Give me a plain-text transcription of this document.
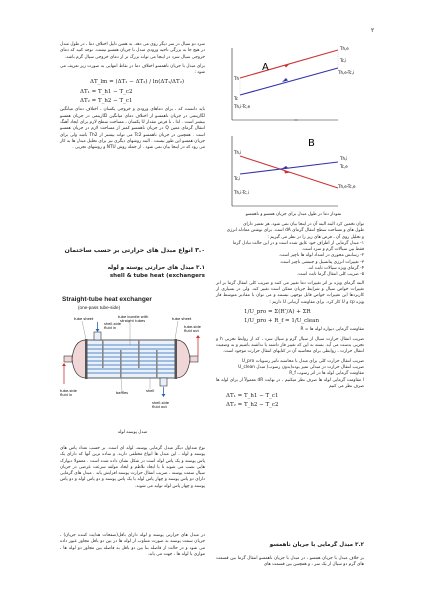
۲
A
Th,e
Tc,i
Th,e-Tc,i
Th
Tc
Th,i-Tc,e
B
Th,i
Tc,e
Th,e-Tc,e
Th,i
Tc,i
Th,i-Tc,i
نمودار دما در طول مبدل برای جریان همسو و ناهمسو

سرد دو سیال در سر دیگر روی می دهد. به همین دلیل اختلاف دما ، در طول مبدل در هیچ جا به بزرگی ناحیه ورودی مبدل با جریان همسو نیست. توجه کنید که دمای خروجی سیال سرد در اینجا می تواند بزرگ تر از دمای خروجی سیال گرم باشد.

برای مبدل با جریان ناهمسو اختلاف دما در نقاط انتهایی به صورت زیر تعریف می شود :

ΔT_lm = (ΔT₁ − ΔT₂) / ln(ΔT₁/ΔT₂)
ΔT₁ = T_h1 − T_c2
ΔT₂ = T_h2 − T_c1

باید دانست که ، برای دماهای ورودی و خروجی یکسان ، اختلاف دمای میانگین لگاریتمی در جریان ناهمسو از اختلاف دمای میانگین لگاریتمی در جریان همسو بیشتر است . لذا ، با فرض مقدار U یکسان ، مساحت سطح لازم برای ایجاد آهنگ انتقال گرمای معین Q در جریان ناهمسو کمتر از مساحت لازم در جریان همسو است . همچنین در جریان ناهمسو Tc2 می تواند بیشتر از Th2 باشد ولی برای جریان همسو این طور نیست . البته روشهای دیگری نیز برای تحلیل مبدل ها به کار می رود که در اینجا بیان نمی شود . از جمله روش NTU و روشهای تجربی .

۳.۰ انواع مبدل های حرارتی بر حسب ساختمان
۳.۱ مبدل های حرارتی پوسته و لوله
shell & tube heat (exchangers
Straight-tube heat exchanger
(one-pass tube-side)
shell-side
fluid in
tube bundle with
straight tubes
tube sheet	tube sheet
baffles	shell
tube-side
fluid in
shell-side
fluid out
tube-side
fluid out
مبدل پوسته لوله

نوع متداول دیگر مبدل گرمایی پوسته، لوله ای است. بر حسب تعداد پاس های پوسته و لوله ، این مبدل ها انواع مختلفی دارند. و ساده ترین آنها که دارای یک پاس پوسته و یک پاس لوله است در شکل نشان داده شده است . معمولا دیوارک هایی نصب می شوند تا با ایجاد تلاطم و ایجاد مولفه سرعت عرضی در جریان سیال سمت پوسته ، ضریب انتقال حرارت پوسته افزایش یابد . مبدل های گرمایی دارای دو پاس پوسته و چهار پاس لوله یا یک پاس پوسته و دو پاس لوله و دو پاس پوسته و چهار پاس لوله تولید می شوند.

در مبدل های حرارتی پوسته و لوله دارای بافل(صفحات هدایت کننده جریان) ، جریان سمت پوسته به صورت متناوب از لوله ها در بین دو بافل مجاور عبور داده می شود و در حالت از فاصله بنا بین دو بافل به فاصله بین مجاور دو لوله ها ، موازی با لوله ها ، جهت می یابد.

توان تخمین کرد البته البته آن در اینجا بیان نمی شود. هر تعمیر دارای
طول های و مساحت سطح انتقال گرمای dA است. برای نوشتن معادله انرژی
و تحلیل روی آن ، فرض های زیر را در نظر می گیریم :
۱- مبدل گرمایی از اطراف خود عایق شده است و در این حالت تبادل گرما
فقط بین سیالات گرم و سرد است.
۲- رسانش محوری در امتداد لوله ها ناچیز است.
۳- تغییرات انرژی پتانسیل و جنبشی ناچیز است.
۴- گرمای ویژه سیالات ثابت اند.
۵- ضریب کلی انتقال گرما ثابت است.

البته گرمای ویژه بر اثر تغییرات دما تغییر می کنند و ضریب کلی انتقال گرما بر اثر تغییرات خواص سیال و شرایط جریان ممکن است تغییر کند. ولی در بسیاری از کاربردها این تغییرات خواص قابل توجهی نیستند و می توان با مقادیر متوسط فاز ویژه cp و U کار کرد. برای مقاومت آرتبانی U داریم :

1/U_pro = Σ(R″/A) + ΣR
1/U_pro + R_f = 1/U_clean

مقاومت گرمایی دیواره لوله ها = R

ضریب انتقال حرارت سیال از سیال گرم و سیال سرد ، که از روابط تجربی h و تجربی بدست می آید. بسته به این که تغییر فاز داشته یا نداشته باشیم و به وضعیت انتقال حرارت ، روابطی برای محاسبه آن در کتابهای انتقال حرارت موجود است.

ضریب انتقال حرارت کلی برای مبدل با محاسبه تاثیر رسوبات U_pro
ضریب انتقال حرارت در مبدلی تمیز بوده(بدون رسوب) مبدل U_clean
مقاومت گرمایی لوله ها در اثر رسوب R_f
ا مقاومت گرمایی لوله ها صرف نظر میکنیم ، در نهایت dR معمولاً از برای لوله ها صرف نظر می کنیم

ΔT₁ = T_h1 − T_c1
ΔT₂ = T_h2 − T_c2
۳.۲ مبدل گرمایی با جریان ناهمسو

بر خلاف مبدل با جریان همسو ، در مبدل با جریان ناهمسو انتقال گرما بین قسمت های گرم دو سیال از یک سر ، و همچنین بین قسمت های
